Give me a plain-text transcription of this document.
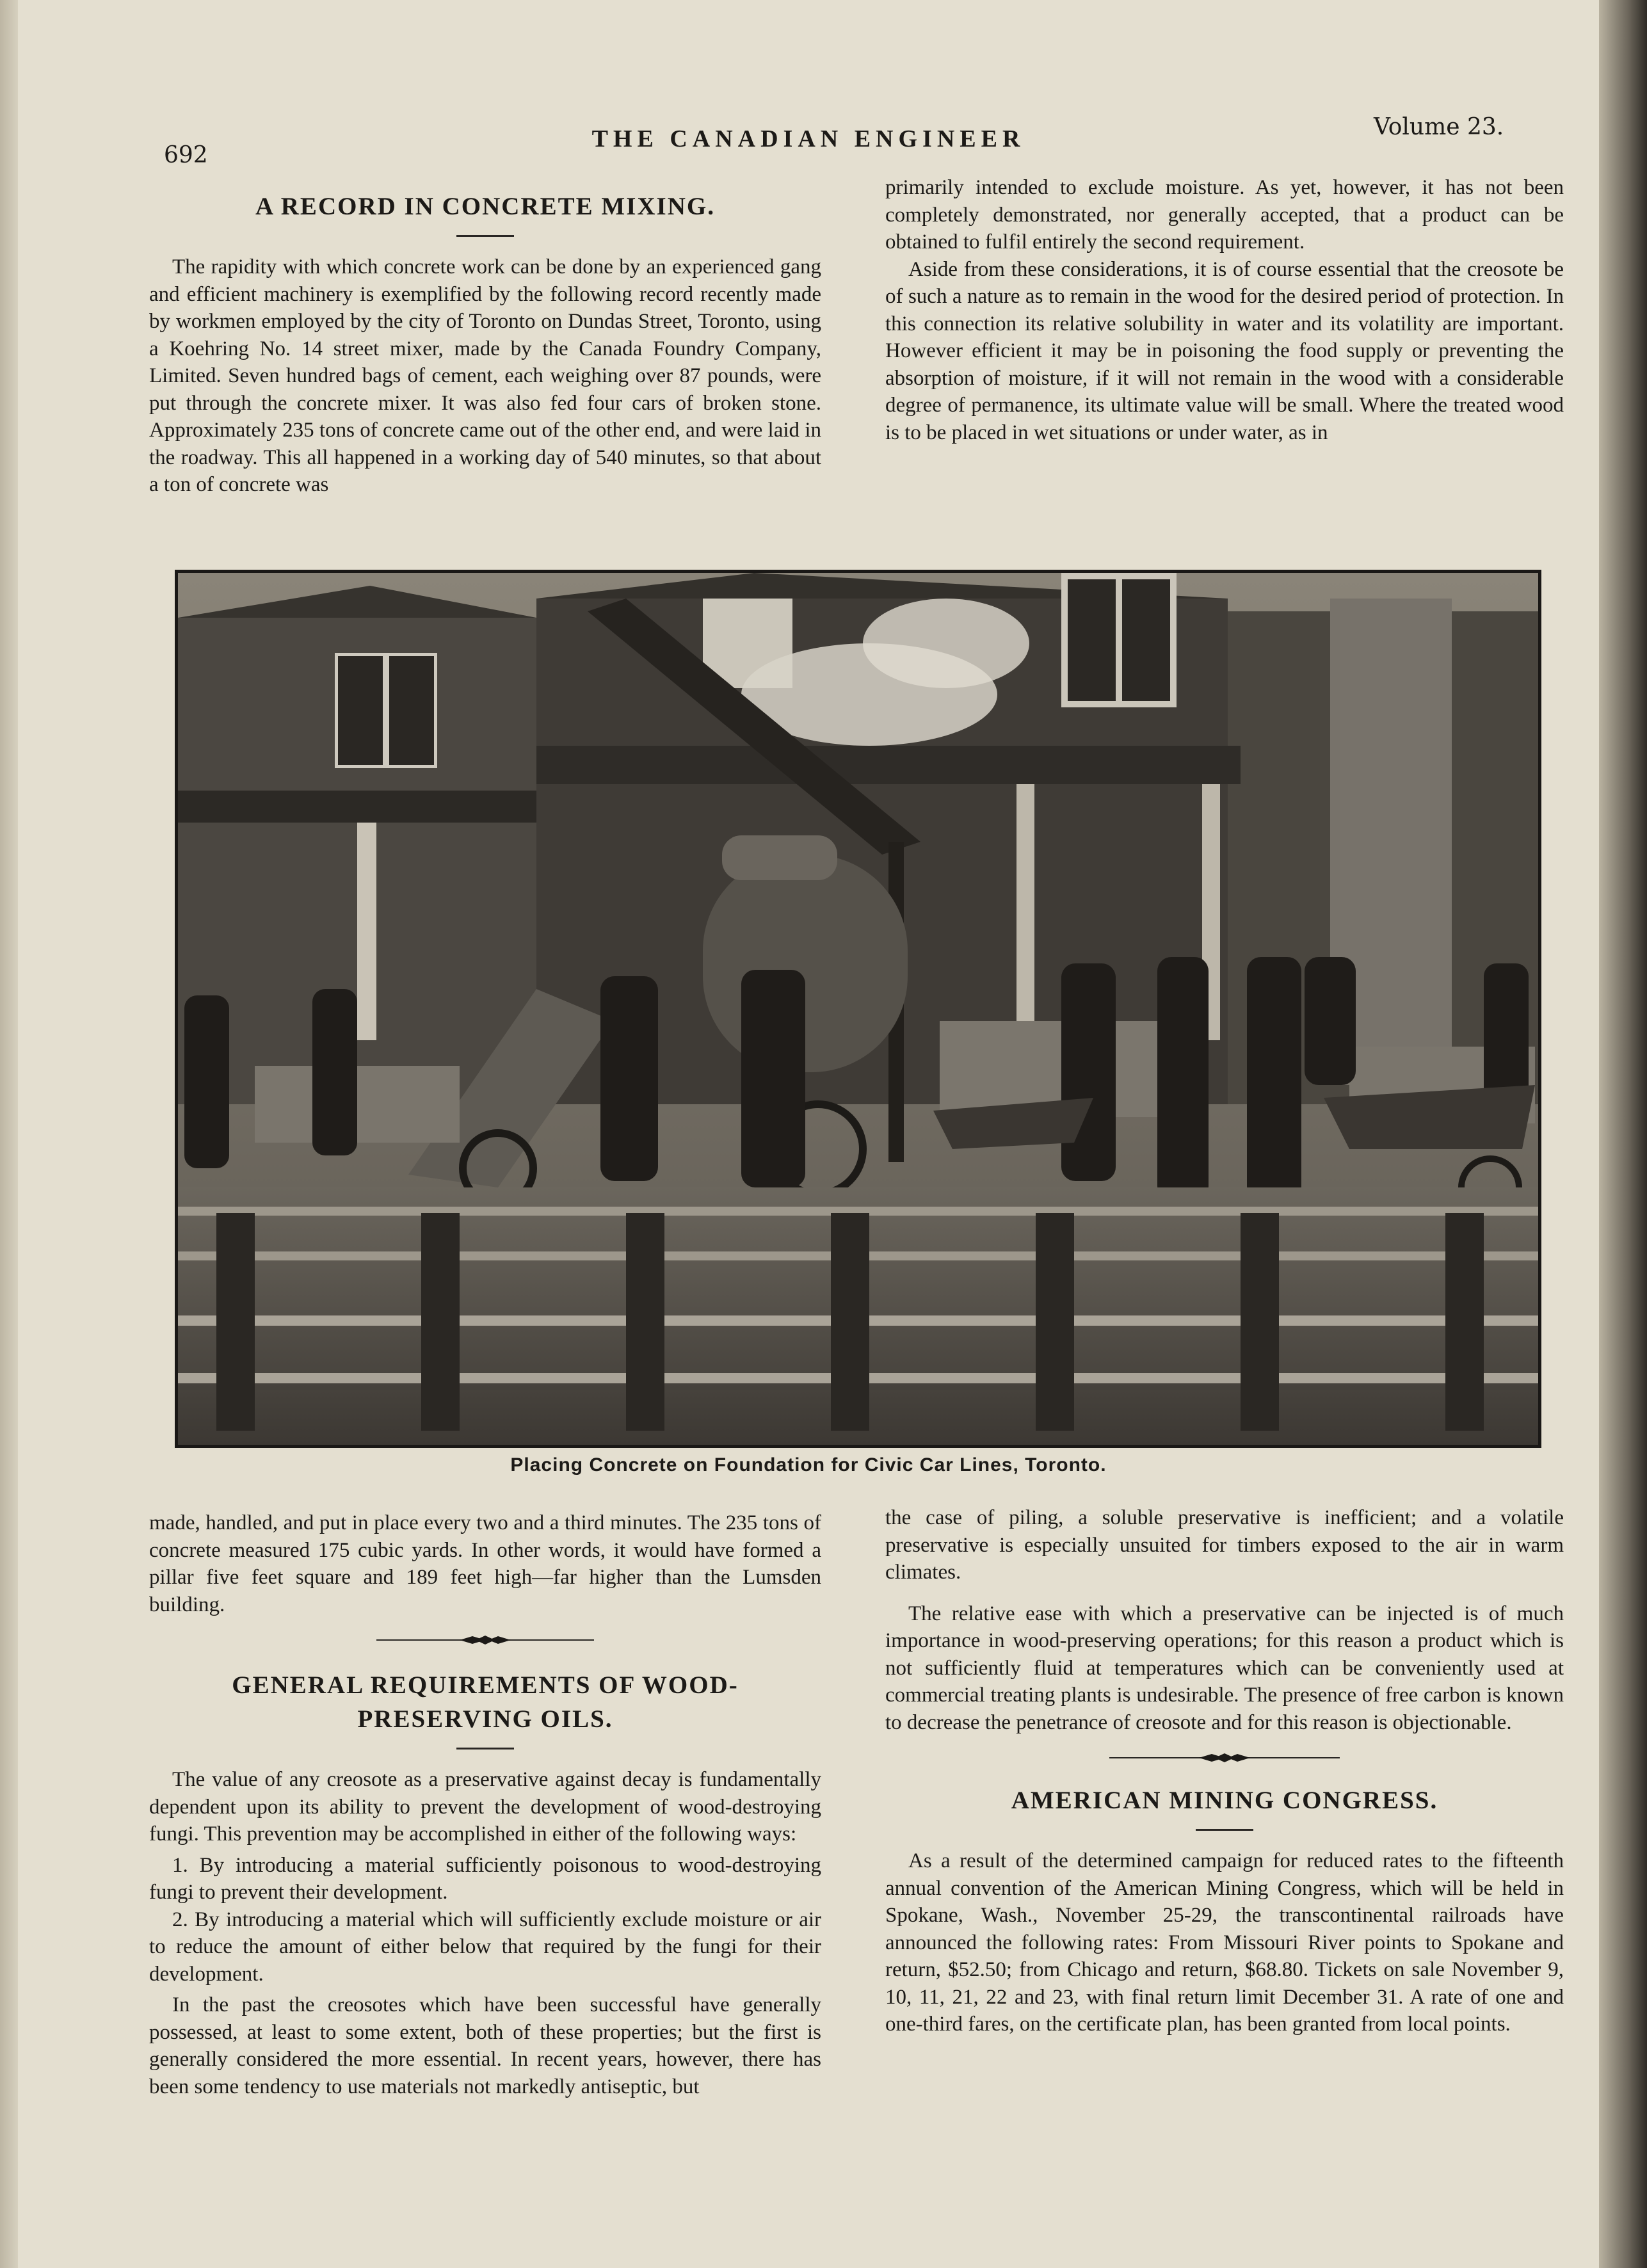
692
THE CANADIAN ENGINEER	Volume 23.
A RECORD IN CONCRETE MIXING.

The rapidity with which concrete work can be done by an experienced gang and efficient machinery is exemplified by the following record recently made by workmen employed by the city of Toronto on Dundas Street, Toronto, using a Koehring No. 14 street mixer, made by the Canada Foundry Company, Limited. Seven hundred bags of cement, each weighing over 87 pounds, were put through the concrete mixer. It was also fed four cars of broken stone. Approximately 235 tons of concrete came out of the other end, and were laid in the roadway. This all happened in a working day of 540 minutes, so that about a ton of concrete was

primarily intended to exclude moisture. As yet, however, it has not been completely demonstrated, nor generally accepted, that a product can be obtained to fulfil entirely the second requirement.

Aside from these considerations, it is of course essential that the creosote be of such a nature as to remain in the wood for the desired period of protection. In this connection its relative solubility in water and its volatility are important. However efficient it may be in poisoning the food supply or preventing the absorption of moisture, if it will not remain in the wood with a considerable degree of permanence, its ultimate value will be small. Where the treated wood is to be placed in wet situations or under water, as in

Placing Concrete on Foundation for Civic Car Lines, Toronto.

made, handled, and put in place every two and a third minutes. The 235 tons of concrete measured 175 cubic yards. In other words, it would have formed a pillar five feet square and 189 feet high—far higher than the Lumsden building.

GENERAL REQUIREMENTS OF WOOD-
PRESERVING OILS.

The value of any creosote as a preservative against decay is fundamentally dependent upon its ability to prevent the development of wood-destroying fungi. This prevention may be accomplished in either of the following ways:

1. By introducing a material sufficiently poisonous to wood-destroying fungi to prevent their development.

2. By introducing a material which will sufficiently exclude moisture or air to reduce the amount of either below that required by the fungi for their development.

In the past the creosotes which have been successful have generally possessed, at least to some extent, both of these properties; but the first is generally considered the more essential. In recent years, however, there has been some tendency to use materials not markedly antiseptic, but

the case of piling, a soluble preservative is inefficient; and a volatile preservative is especially unsuited for timbers exposed to the air in warm climates.

The relative ease with which a preservative can be injected is of much importance in wood-preserving operations; for this reason a product which is not sufficiently fluid at temperatures which can be conveniently used at commercial treating plants is undesirable. The presence of free carbon is known to decrease the penetrance of creosote and for this reason is objectionable.

AMERICAN MINING CONGRESS.

As a result of the determined campaign for reduced rates to the fifteenth annual convention of the American Mining Congress, which will be held in Spokane, Wash., November 25-29, the transcontinental railroads have announced the following rates: From Missouri River points to Spokane and return, $52.50; from Chicago and return, $68.80. Tickets on sale November 9, 10, 11, 21, 22 and 23, with final return limit December 31. A rate of one and one-third fares, on the certificate plan, has been granted from local points.
